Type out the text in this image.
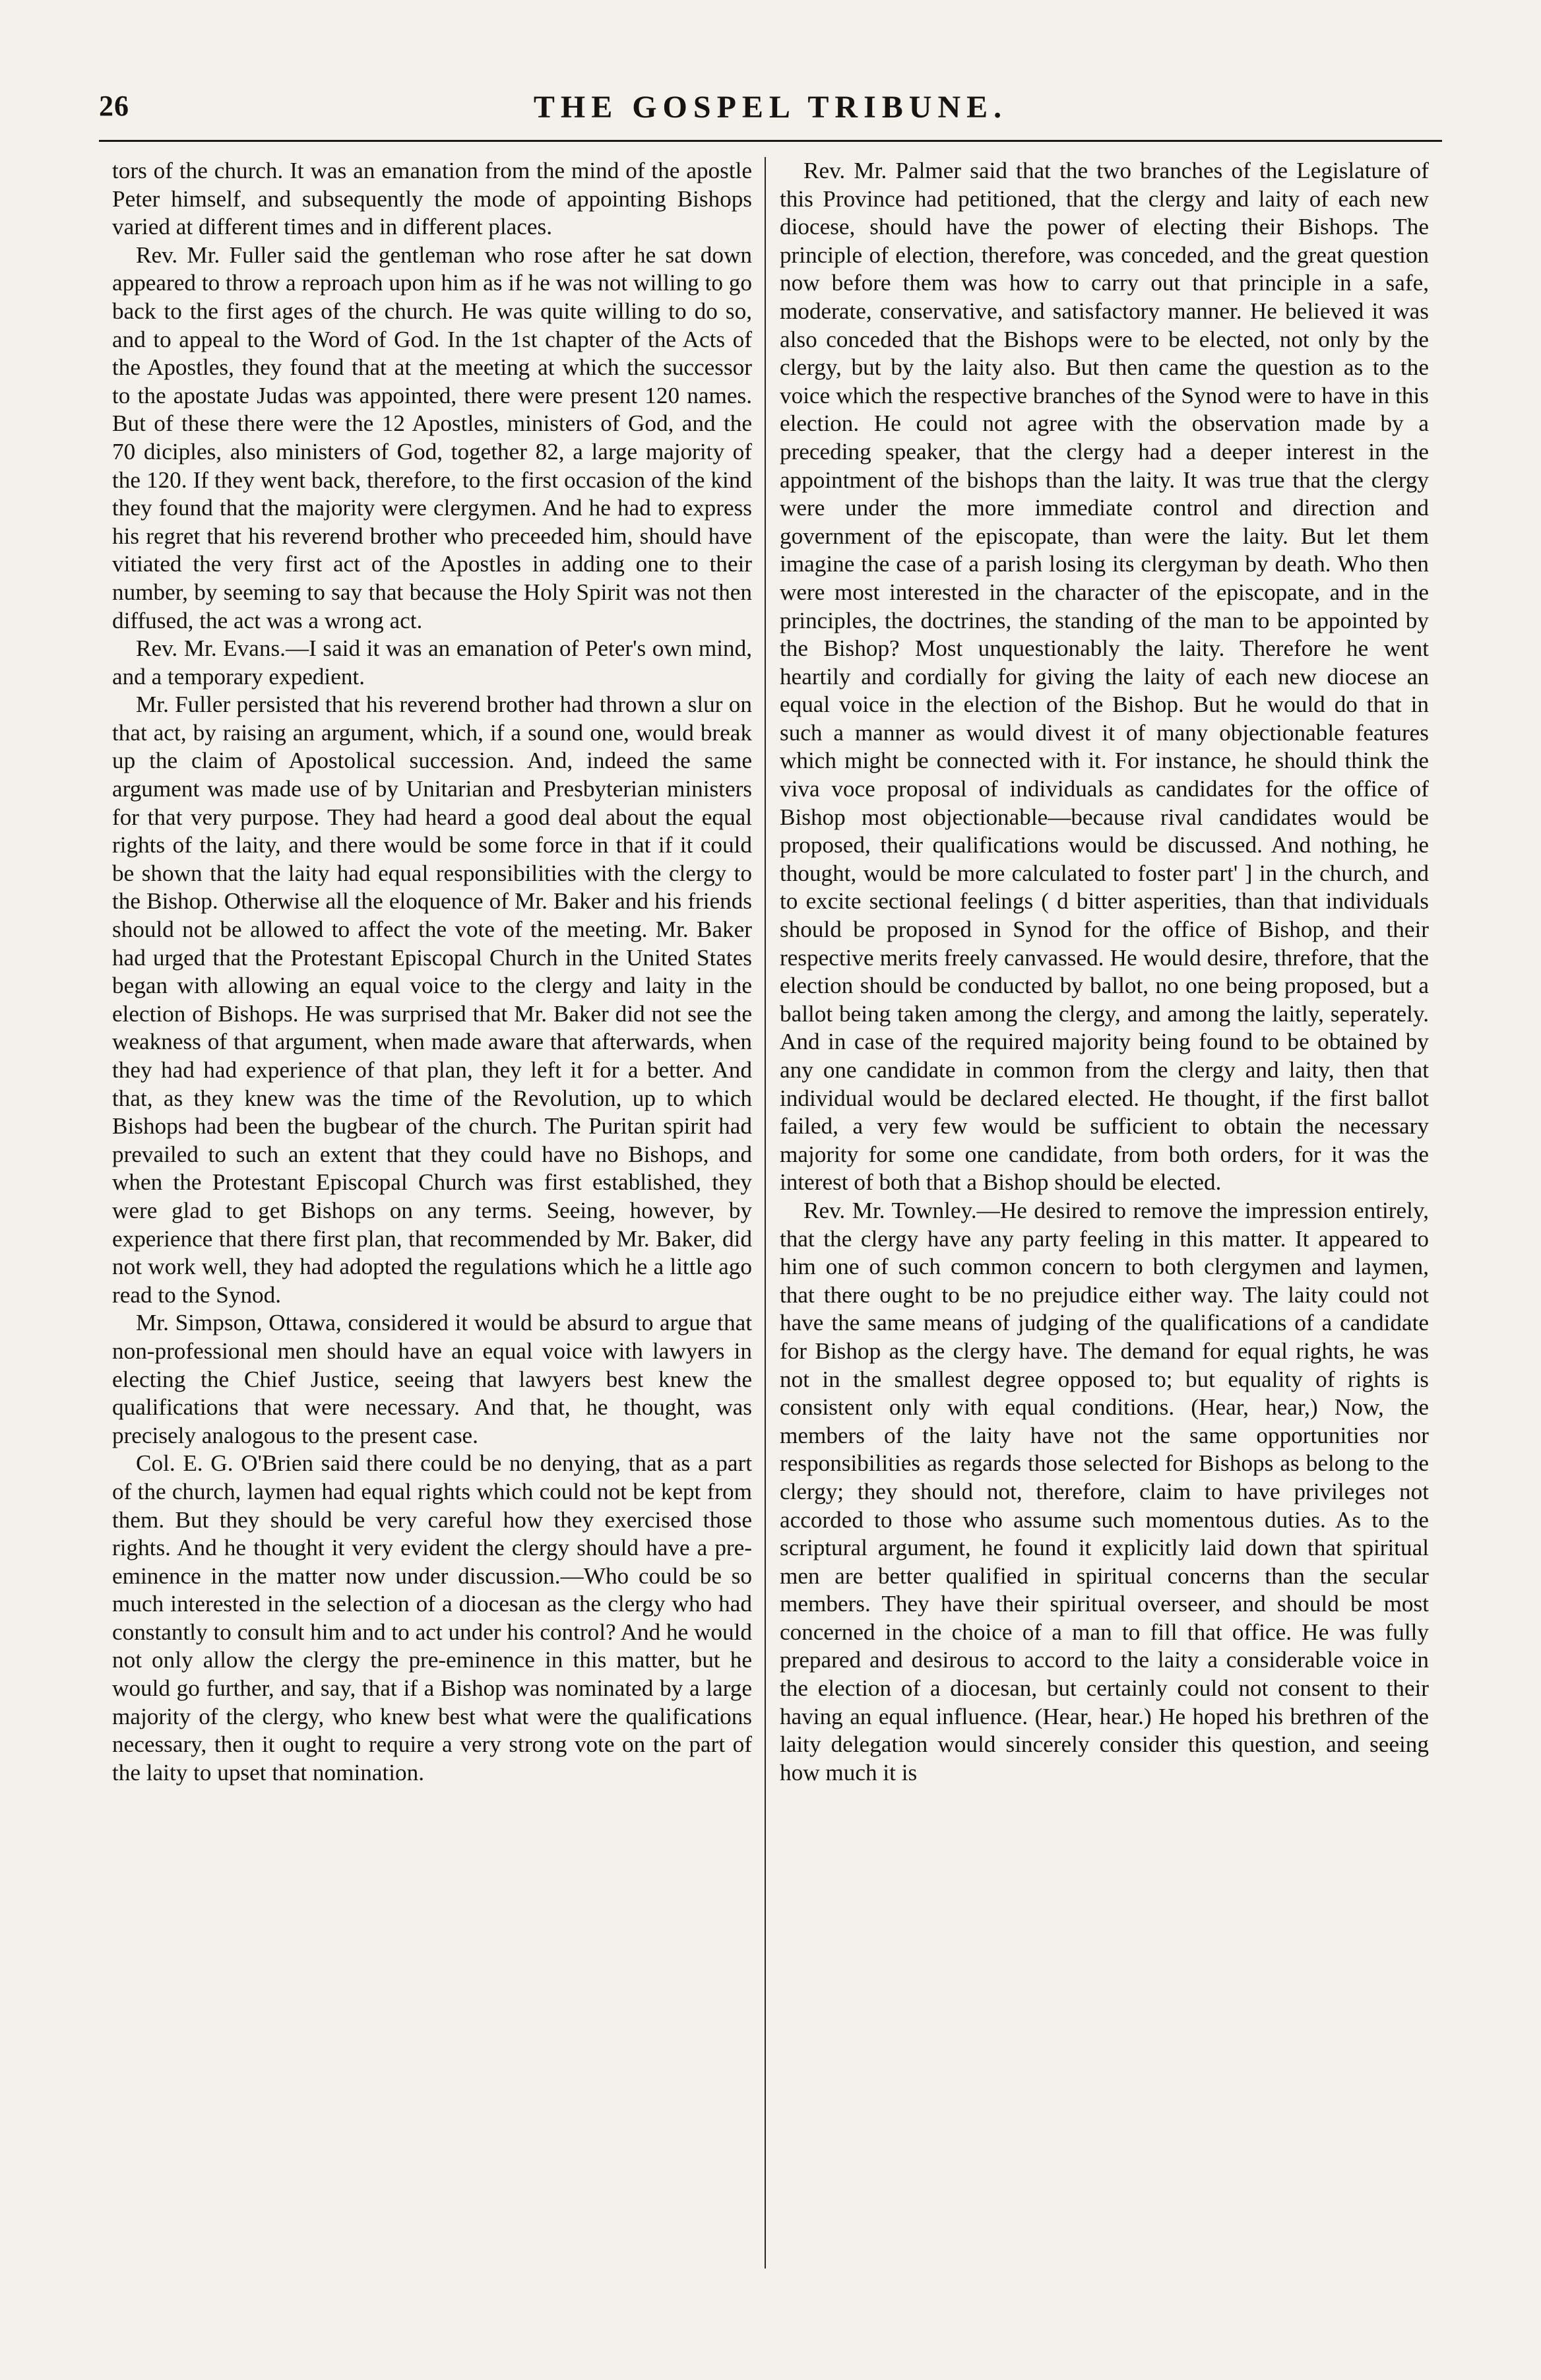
26	THE GOSPEL TRIBUNE.

tors of the church. It was an emanation from the mind of the apostle Peter himself, and subsequently the mode of appointing Bishops varied at different times and in different places.

Rev. Mr. Fuller said the gentleman who rose after he sat down appeared to throw a reproach upon him as if he was not willing to go back to the first ages of the church. He was quite willing to do so, and to appeal to the Word of God. In the 1st chapter of the Acts of the Apostles, they found that at the meeting at which the successor to the apostate Judas was appointed, there were present 120 names. But of these there were the 12 Apostles, ministers of God, and the 70 diciples, also ministers of God, together 82, a large majority of the 120. If they went back, therefore, to the first occasion of the kind they found that the majority were clergymen. And he had to express his regret that his reverend brother who preceeded him, should have vitiated the very first act of the Apostles in adding one to their number, by seeming to say that because the Holy Spirit was not then diffused, the act was a wrong act.

Rev. Mr. Evans.—I said it was an emanation of Peter's own mind, and a temporary expedient.

Mr. Fuller persisted that his reverend brother had thrown a slur on that act, by raising an argument, which, if a sound one, would break up the claim of Apostolical succession. And, indeed the same argument was made use of by Unitarian and Presbyterian ministers for that very purpose. They had heard a good deal about the equal rights of the laity, and there would be some force in that if it could be shown that the laity had equal responsibilities with the clergy to the Bishop. Otherwise all the eloquence of Mr. Baker and his friends should not be allowed to affect the vote of the meeting. Mr. Baker had urged that the Protestant Episcopal Church in the United States began with allowing an equal voice to the clergy and laity in the election of Bishops. He was surprised that Mr. Baker did not see the weakness of that argument, when made aware that afterwards, when they had had experience of that plan, they left it for a better. And that, as they knew was the time of the Revolution, up to which Bishops had been the bugbear of the church. The Puritan spirit had prevailed to such an extent that they could have no Bishops, and when the Protestant Episcopal Church was first established, they were glad to get Bishops on any terms. Seeing, however, by experience that there first plan, that recommended by Mr. Baker, did not work well, they had adopted the regulations which he a little ago read to the Synod.

Mr. Simpson, Ottawa, considered it would be absurd to argue that non-professional men should have an equal voice with lawyers in electing the Chief Justice, seeing that lawyers best knew the qualifications that were necessary. And that, he thought, was precisely analogous to the present case.

Col. E. G. O'Brien said there could be no denying, that as a part of the church, laymen had equal rights which could not be kept from them. But they should be very careful how they exercised those rights. And he thought it very evident the clergy should have a pre-eminence in the matter now under discussion.—Who could be so much interested in the selection of a diocesan as the clergy who had constantly to consult him and to act under his control? And he would not only allow the clergy the pre-eminence in this matter, but he would go further, and say, that if a Bishop was nominated by a large majority of the clergy, who knew best what were the qualifications necessary, then it ought to require a very strong vote on the part of the laity to upset that nomination.

Rev. Mr. Palmer said that the two branches of the Legislature of this Province had petitioned, that the clergy and laity of each new diocese, should have the power of electing their Bishops. The principle of election, therefore, was conceded, and the great question now before them was how to carry out that principle in a safe, moderate, conservative, and satisfactory manner. He believed it was also conceded that the Bishops were to be elected, not only by the clergy, but by the laity also. But then came the question as to the voice which the respective branches of the Synod were to have in this election. He could not agree with the observation made by a preceding speaker, that the clergy had a deeper interest in the appointment of the bishops than the laity. It was true that the clergy were under the more immediate control and direction and government of the episcopate, than were the laity. But let them imagine the case of a parish losing its clergyman by death. Who then were most interested in the character of the episcopate, and in the principles, the doctrines, the standing of the man to be appointed by the Bishop? Most unquestionably the laity. Therefore he went heartily and cordially for giving the laity of each new diocese an equal voice in the election of the Bishop. But he would do that in such a manner as would divest it of many objectionable features which might be connected with it. For instance, he should think the viva voce proposal of individuals as candidates for the office of Bishop most objectionable—because rival candidates would be proposed, their qualifications would be discussed. And nothing, he thought, would be more calculated to foster part' ] in the church, and to excite sectional feelings ( d bitter asperities, than that individuals should be proposed in Synod for the office of Bishop, and their respective merits freely canvassed. He would desire, threfore, that the election should be conducted by ballot, no one being proposed, but a ballot being taken among the clergy, and among the laitly, seperately. And in case of the required majority being found to be obtained by any one candidate in common from the clergy and laity, then that individual would be declared elected. He thought, if the first ballot failed, a very few would be sufficient to obtain the necessary majority for some one candidate, from both orders, for it was the interest of both that a Bishop should be elected.

Rev. Mr. Townley.—He desired to remove the impression entirely, that the clergy have any party feeling in this matter. It appeared to him one of such common concern to both clergymen and laymen, that there ought to be no prejudice either way. The laity could not have the same means of judging of the qualifications of a candidate for Bishop as the clergy have. The demand for equal rights, he was not in the smallest degree opposed to; but equality of rights is consistent only with equal conditions. (Hear, hear,) Now, the members of the laity have not the same opportunities nor responsibilities as regards those selected for Bishops as belong to the clergy; they should not, therefore, claim to have privileges not accorded to those who assume such momentous duties. As to the scriptural argument, he found it explicitly laid down that spiritual men are better qualified in spiritual concerns than the secular members. They have their spiritual overseer, and should be most concerned in the choice of a man to fill that office. He was fully prepared and desirous to accord to the laity a considerable voice in the election of a diocesan, but certainly could not consent to their having an equal influence. (Hear, hear.) He hoped his brethren of the laity delegation would sincerely consider this question, and seeing how much it is
